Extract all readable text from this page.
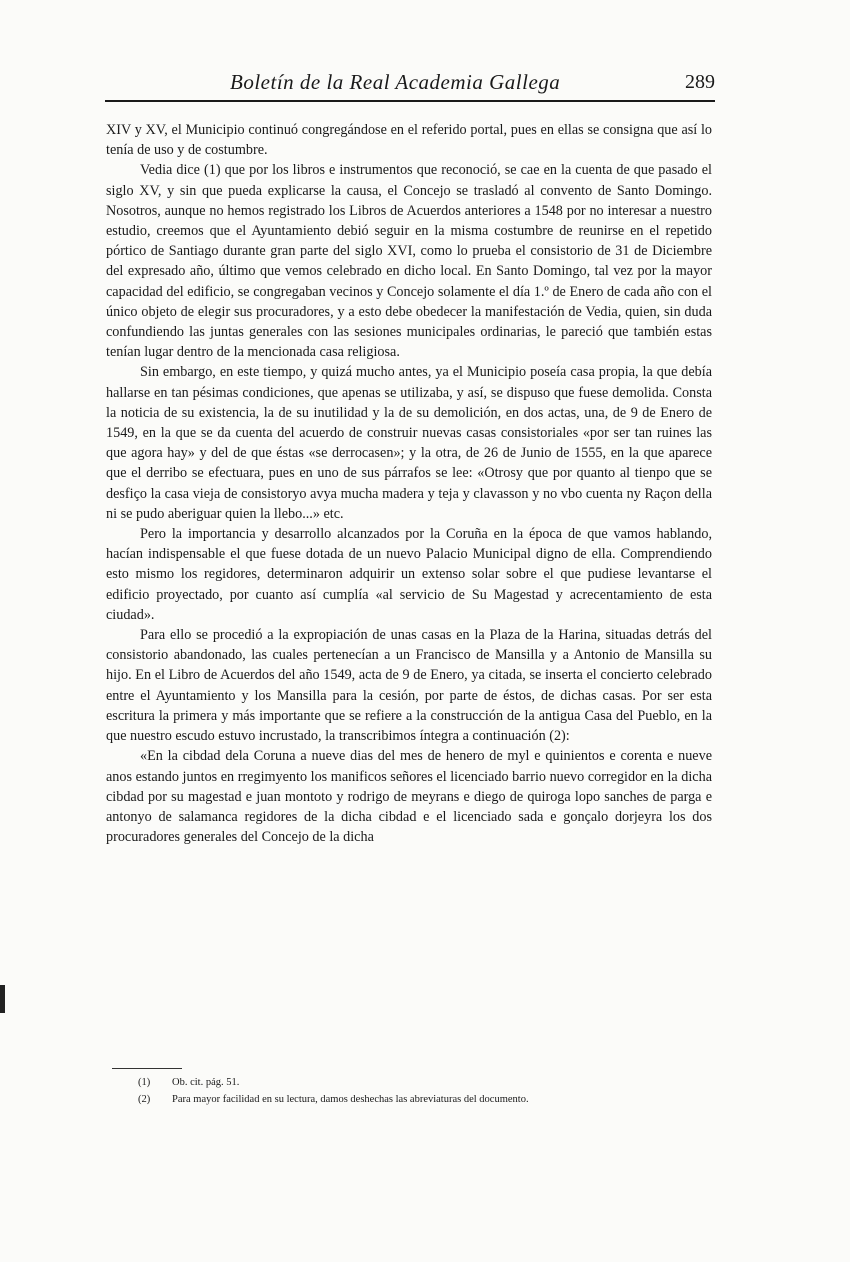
Boletín de la Real Academia Gallega	289

XIV y XV, el Municipio continuó congregándose en el referido portal, pues en ellas se consigna que así lo tenía de uso y de costumbre.

Vedia dice (1) que por los libros e instrumentos que reconoció, se cae en la cuenta de que pasado el siglo XV, y sin que pueda explicarse la causa, el Concejo se trasladó al convento de Santo Domingo. Nosotros, aunque no hemos registrado los Libros de Acuerdos anteriores a 1548 por no interesar a nuestro estudio, creemos que el Ayuntamiento debió seguir en la misma costumbre de reunirse en el repetido pórtico de Santiago durante gran parte del siglo XVI, como lo prueba el consistorio de 31 de Diciembre del expresado año, último que vemos celebrado en dicho local. En Santo Domingo, tal vez por la mayor capacidad del edificio, se congregaban vecinos y Concejo solamente el día 1.º de Enero de cada año con el único objeto de elegir sus procuradores, y a esto debe obedecer la manifestación de Vedia, quien, sin duda confundiendo las juntas generales con las sesiones municipales ordinarias, le pareció que también estas tenían lugar dentro de la mencionada casa religiosa.

Sin embargo, en este tiempo, y quizá mucho antes, ya el Municipio poseía casa propia, la que debía hallarse en tan pésimas condiciones, que apenas se utilizaba, y así, se dispuso que fuese demolida. Consta la noticia de su existencia, la de su inutilidad y la de su demolición, en dos actas, una, de 9 de Enero de 1549, en la que se da cuenta del acuerdo de construir nuevas casas consistoriales «por ser tan ruines las que agora hay» y del de que éstas «se derrocasen»; y la otra, de 26 de Junio de 1555, en la que aparece que el derribo se efectuara, pues en uno de sus párrafos se lee: «Otrosy que por quanto al tienpo que se desfiço la casa vieja de consistoryo avya mucha madera y teja y clavasson y no vbo cuenta ny Raçon della ni se pudo aberiguar quien la llebo...» etc.

Pero la importancia y desarrollo alcanzados por la Coruña en la época de que vamos hablando, hacían indispensable el que fuese dotada de un nuevo Palacio Municipal digno de ella. Comprendiendo esto mismo los regidores, determinaron adquirir un extenso solar sobre el que pudiese levantarse el edificio proyectado, por cuanto así cumplía «al servicio de Su Magestad y acrecentamiento de esta ciudad».

Para ello se procedió a la expropiación de unas casas en la Plaza de la Harina, situadas detrás del consistorio abandonado, las cuales pertenecían a un Francisco de Mansilla y a Antonio de Mansilla su hijo. En el Libro de Acuerdos del año 1549, acta de 9 de Enero, ya citada, se inserta el concierto celebrado entre el Ayuntamiento y los Mansilla para la cesión, por parte de éstos, de dichas casas. Por ser esta escritura la primera y más importante que se refiere a la construcción de la antigua Casa del Pueblo, en la que nuestro escudo estuvo incrustado, la transcribimos íntegra a continuación (2):

«En la cibdad dela Coruna a nueve dias del mes de henero de myl e quinientos e corenta e nueve anos estando juntos en rregimyento los manificos señores el licenciado barrio nuevo corregidor en la dicha cibdad por su magestad e juan montoto y rodrigo de meyrans e diego de quiroga lopo sanches de parga e antonyo de salamanca regidores de la dicha cibdad e el licenciado sada e gonçalo dorjeyra los dos procuradores generales del Concejo de la dicha

(1)	Ob. cit. pág. 51.
(2)	Para mayor facilidad en su lectura, damos deshechas las abreviaturas del documento.
